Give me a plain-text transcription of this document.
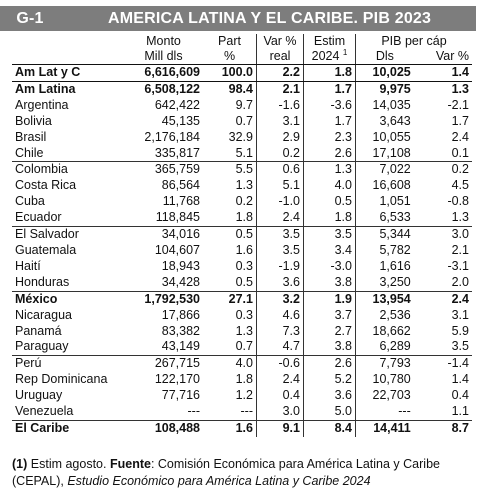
G-1	AMERICA LATINA Y EL CARIBE. PIB 2023
	Monto	Part	Var %	Estim	PIB per cáp	
	Mill dls	%	real	2024 $^1$	Dls	Var %
Am Lat y C	6,616,609	100.0	2.2	1.8	10,025	1.4
Am Latina	6,508,122	98.4	2.1	1.7	9,975	1.3
Argentina	642,422	9.7	-1.6	-3.6	14,035	-2.1
Bolivia	45,135	0.7	3.1	1.7	3,643	1.7
Brasil	2,176,184	32.9	2.9	2.3	10,055	2.4
Chile	335,817	5.1	0.2	2.6	17,108	0.1
Colombia	365,759	5.5	0.6	1.3	7,022	0.2
Costa Rica	86,564	1.3	5.1	4.0	16,608	4.5
Cuba	11,768	0.2	-1.0	0.5	1,051	-0.8
Ecuador	118,845	1.8	2.4	1.8	6,533	1.3
El Salvador	34,016	0.5	3.5	3.5	5,344	3.0
Guatemala	104,607	1.6	3.5	3.4	5,782	2.1
Haití	18,943	0.3	-1.9	-3.0	1,616	-3.1
Honduras	34,428	0.5	3.6	3.8	3,250	2.0
México	1,792,530	27.1	3.2	1.9	13,954	2.4
Nicaragua	17,866	0.3	4.6	3.7	2,536	3.1
Panamá	83,382	1.3	7.3	2.7	18,662	5.9
Paraguay	43,149	0.7	4.7	3.8	6,289	3.5
Perú	267,715	4.0	-0.6	2.6	7,793	-1.4
Rep Dominicana	122,170	1.8	2.4	5.2	10,780	1.4
Uruguay	77,716	1.2	0.4	3.6	22,703	0.4
Venezuela	---	---	3.0	5.0	---	1.1
El Caribe	108,488	1.6	9.1	8.4	14,411	8.7
(1) Estim agosto. Fuente: Comisión Económica para América Latina y Caribe (CEPAL), Estudio Económico para América Latina y Caribe 2024
